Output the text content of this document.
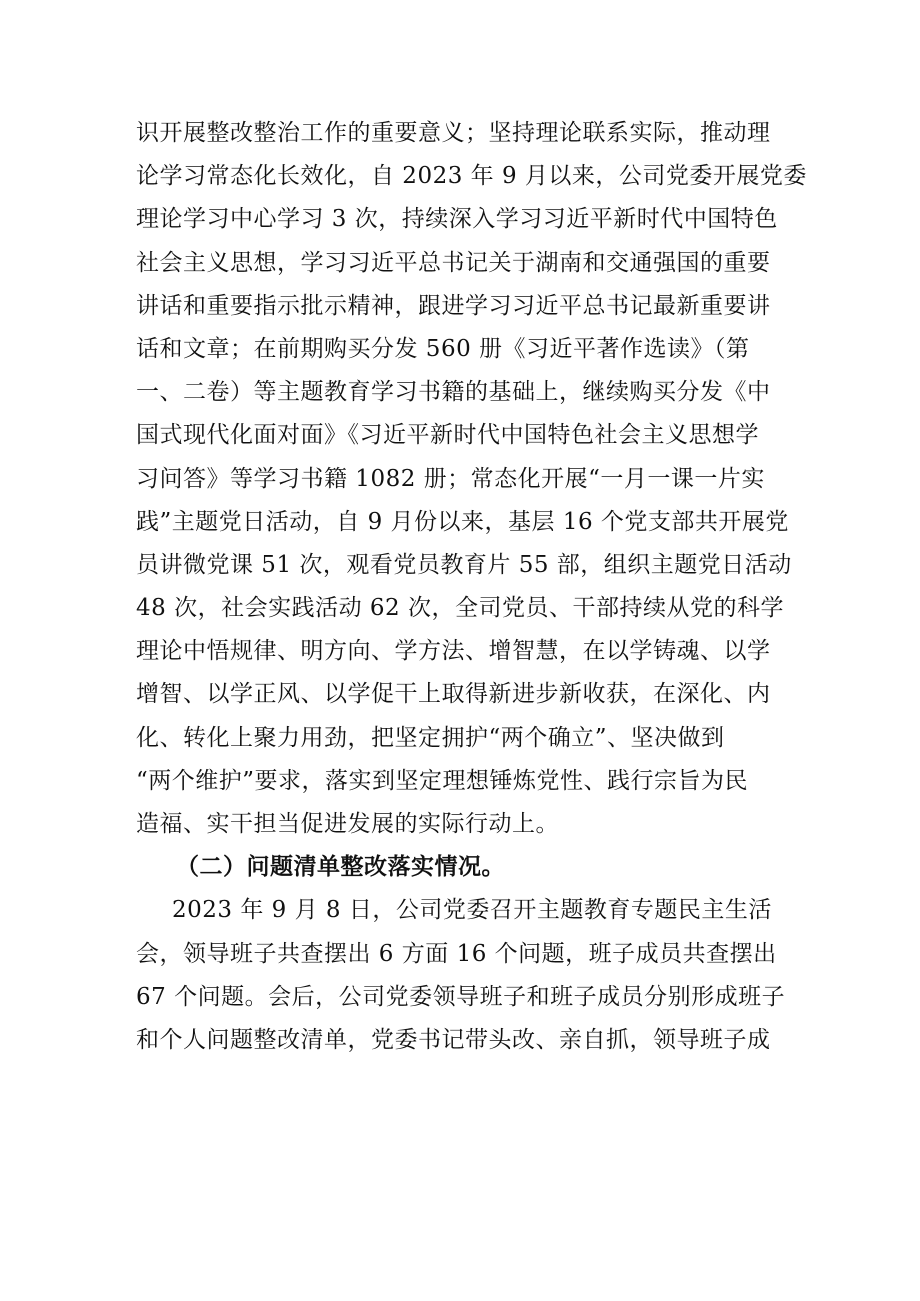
识开展整改整治工作的重要意义；坚持理论联系实际，推动理
论学习常态化长效化，自 2023 年 9 月以来，公司党委开展党委
理论学习中心学习 3 次，持续深入学习习近平新时代中国特色
社会主义思想，学习习近平总书记关于湖南和交通强国的重要
讲话和重要指示批示精神，跟进学习习近平总书记最新重要讲
话和文章；在前期购买分发 560 册《习近平著作选读》（第
一、二卷）等主题教育学习书籍的基础上，继续购买分发《中
国式现代化面对面》《习近平新时代中国特色社会主义思想学
习问答》等学习书籍 1082 册；常态化开展“一月一课一片实
践”主题党日活动，自 9 月份以来，基层 16 个党支部共开展党
员讲微党课 51 次，观看党员教育片 55 部，组织主题党日活动
48 次，社会实践活动 62 次，全司党员、干部持续从党的科学
理论中悟规律、明方向、学方法、增智慧，在以学铸魂、以学
增智、以学正风、以学促干上取得新进步新收获，在深化、内
化、转化上聚力用劲，把坚定拥护“两个确立”、坚决做到
“两个维护”要求，落实到坚定理想锤炼党性、践行宗旨为民
造福、实干担当促进发展的实际行动上。
（二）问题清单整改落实情况。
2023 年 9 月 8 日，公司党委召开主题教育专题民主生活
会，领导班子共查摆出 6 方面 16 个问题，班子成员共查摆出
67 个问题。会后，公司党委领导班子和班子成员分别形成班子
和个人问题整改清单，党委书记带头改、亲自抓，领导班子成
